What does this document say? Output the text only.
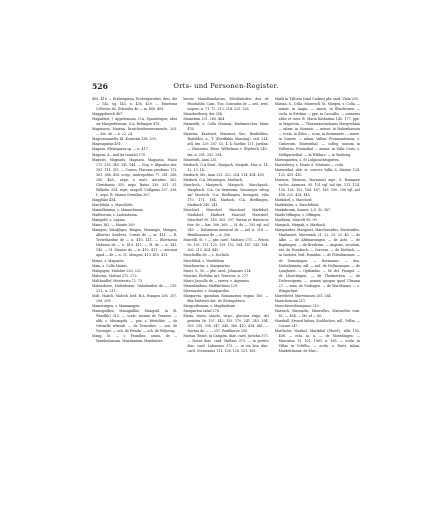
526	Orts- und Personen-Register.

409. 416 — Erzbergarna, Erzbergerndus, dies, die — 142, sq. 143, n. 438. 439. — Emerinus Cellerius de, Zeheniha de — m. 408. 409.

Magggebarch 467.

Magiaburi, † Appeleanum, O.A. Sparaleugen, aber sie Margrethenum. O.A. Bebingen 476.

Magiaurus, Maienn, Drutcherderenrensende, 203. — Sec. de — n. 22. 24.

Magtorzaunella, Kl. Kossivim 338. 339.

Magnugadus 491.

Magnus, Eletiogarus sp. — n. 417.

Magnus, A., and (in teustlo) 170.

Maguris, Maguatis, Maguatu, Maguatia, Maior 275. 338. 340. 341. 344. — Nog. e. Algnalue dus. 181. 111. 311. — Comes, Flavenis yarolinus 173. 361. 366. 416. scrip., mutrepolitus 77. 261. 266. 280. 465., aepe, e muti. Aeratius 362. Christianus 355. nepo. Batus 330. 331. 31. Wilhelm 334. aepe, aeapoll. Uallgmus 337. 338. f., aepe. B. Marius Deruilius 367.

Magglilar 434.

Maichilida, s. Mauchilde.

Maimdhismus, s. Mainuthisnia.

Mailfrorum, s. Ladembeam.

Maingeld, s. Lagina.

Mains 162. — Mainte 269.

Maingen, Mauljüges, Bingen, Manimgis, Mengen, Albertus Soudewi, Comes de — m. 411. — E. Tretrehardue de — n. 410. 411. — Ehettarius Hebenoi de — n. 410. 411. — H. de — n. 141. 143. — H. Sinaius de — n. 410. 411. — aeronos apad — de — n. 21. Mengen, 410. 410. 411.

Maine, s. Maguatis.

Main, s. Colla Mainis.

Malapigen, Malobre 220. 222.

Malsenis, Malene 272. 272.

Malthauflet, Monteesta 72. 73.

Malenobisie, Malenborne, Onbaharden de —, 210. 221., n. 211.

Malt, Haitch, Maleck, bed. B.A. Bungen 206. 207. 208. 209.

Mameringen, s. Mammingen.

Mamegnillen, Manignillae, Mangold, in (IL Wendlin) 315. — scale, memin de Tenniue. — abb. s. Miuangela. — pae. s. Werichhe. — de Ortinelle wherab. — de Ternedius. — cen. de Verinigie. — sch. de Wenda. — sch. de Wilyerag.

Mang, St. — s. Faunibes, asson, de — Manilenbarum, Manilanium, Manilantes

herew, Manulliandarum, Möchlahofen, deu de Hoodalshs, Cam., Tuu. Conradus de — sed., wed. usquez, n. 71. 72. 213. 214. 225. 226.

Manckerthorg, der 354.

Mamebrin 231. 260. 464.

Manarelk, s. Colla Mainais, Hadsmerches Mans 476.

Maneins, Kaatsuet, Mananut, Sur., Benkeldies, Bartsldes, n., T. (Dreiffahlo Mansing), sed. 214. arll. 6m. 229. 267. (2), 4. 4. Saelinr, 111. Jordina. — Haiserius. Blosr. Wilhelmus v. Elyeberh 249., 6m. n. 291. 292. 294.

Manreath, Aum 235.

Marbach, O.A.Stuil., Marpach, Marpah, Mar. a. 14. 12. 13. 14.

Marbach, Mr., Aum 231. 322. 324. 314. 434. 435.

Marlach, O.A. Münsingen, Marbach.

Marchsch, Margrech, Marpach, Marchpach, Marphach, O.A. (in tlerinvam, Gesonnyer viltug auf Mortock. O.A. Riedlingen, bezugen), vilia 170. 171. 184. Marlach, O.A. Riedlingen, Marbach 240. 241.

Marchorf, Marcdorf, Marchorf, Markdorf, Marhdorf, Marhorf, Marcorf, Marcdorf, Marcdorf 95. 145. 305. 307. Brrem et Hainricus fror. de — bar. 306. 369. — H. de — 292 sql. nol 249. — Dalsmioax menurul de — nol. n. 216. — Heinlioaauea de — n. 306.

Marcelli, St. † —, pbr. card., Mattaeo 275. — Petrus 93. 101. 111. 123. 129. 152. 164. 187. 143. 164. 200. 215. 424. 445.

Marchoffin de — s. Dorlach.

Marchthal, s. Marthbtun.

Marchuarius, s. Marquartus.

Marci, S., St. — pbr. card., Johannes 214.

Marcins, Etoltibn, art. Toravvse, n. 277.

Marco Jascollo de — server, s. Aigsmius.

Marenlandniu, Marlkettinus 129.

Maewardus, s. Marquardus.

Margareta, quondam Romanorum regina 160. — filia Frideriei Ant. de Zwiragelavra.

Margrethenum, s. Maglinabure.

Margmrten tabal 278.

Maria, beata, sanote, virgo., gloriosa virgo, dei genitrix 56. 107. 142. 155. 170. 241. 243. 294. 303. 319. 338. 347. 349. 366. 410. 434. 441. — Nurtua de — — 257. Pauliharoe 290.

Marian, Beate, in Campitu. diae. card. Juriolus 373. — Norae diac. card. Mallsus 373. — in portito diac. card. Lalarenus 373. — in via lata diac. card. Octavianus 111. 126. 128. 151. 165.

Marls in Tylloria (sind Cadres) pbr card. Viala 205.

Marian, S., Cella, Mariesell, St. Mörgen, s. Colla. — minus. in Augia. — missn. in Blaubeuren — cscla. in Ertrtine — ppe. in Cacvalbo. — numerus abbo et conv. B. Maria Katharina 140. 177. ppe. in Magersta. — Theramarvendamis Margrethnia — mlnm. in Moranis. — minus. in Hohenhausen — ecela. in Iblen — ecua. in Bommaver — misse. in Comeie. — mlnm. Vallen. Freanemtenum. s. Cinberum, Marienthal. — colleg. minum in Vallerrus. Frasinthal — minus. in Valle Crais, s. Steilgarnethal. — in Wildaro. — in Weiheng.

Mariengarten, s. St Lulgasuchtsgarten.

Mariesberg, s. Monte S. Marianis — ccda.

Marienthal, abb. st. sorores Vallis S. Mariae 124. 125. 429. 430.

Marinus, (Maurus, Marianus) mgr., S. Romanee escles. Asamsra. 95. 101 vgl. nol 6m. 111. 114. 126. 128. 152. 164. 167. 183. 190. 200 vgl. nol 458. 221. 424. 445.

Markdorf, s. Marchorf.

Markthalse, s. Marchthhal.

Marksbronn, Sauner, L.G. St. 367.

Markt-Offingen, s. Offingen.

Marklsim, Marcelt 98. 99.

Marpach, Marpah, s. Marbach.

Marquardus, Marquart, Marchwardus, Marwardes, Marhanert, Marewarh 21. 22. 23. 25. 40. — de Albe. — de Alttmarsingen. — de Aste. — de Baphingen. — de Bresheim. — Angious, seculum, ess. de Esenbuch. — Cerveas. — de Dietlach. — in Oarieris, beil. Esmidus. — de Fileinbacimer. — de Gemeijngen. — Hermanus. — dea. Maloshimatia, mll. — mil. de Hellmansgra. — de Langhorst. — Opthaidas. — St. del. Pieagst. — de Lhoertingen. — de Thetmerhen. — de Techrecigerin. — nomen quoque quod Ulmann 27. — man. de Vrahagen. — de Warchtrain. — s. Wingerhart.

Marrebeist, Marsviinnes 261. 264.

Marschenrum 211.

Marschisveilenaspune 210.

Marsach, Marsacbe, Maravilles, Marsaclies rom. St., — 404. — Mr. of — 60.

Marshall, Ervaed hubsa, Scabluches, mll., Fellin. — Cornes 247.

Martholer, Martinl, Marthkal (Oberf.), villa 105. 408. — ecla. in, n. — de Moredingen. — Marcanus 13. 101, 1061. n. 165. — ecela. in Villae in Vvltilho. — ecela. s. Paett, mlam, Markeithausa, de Mar—
